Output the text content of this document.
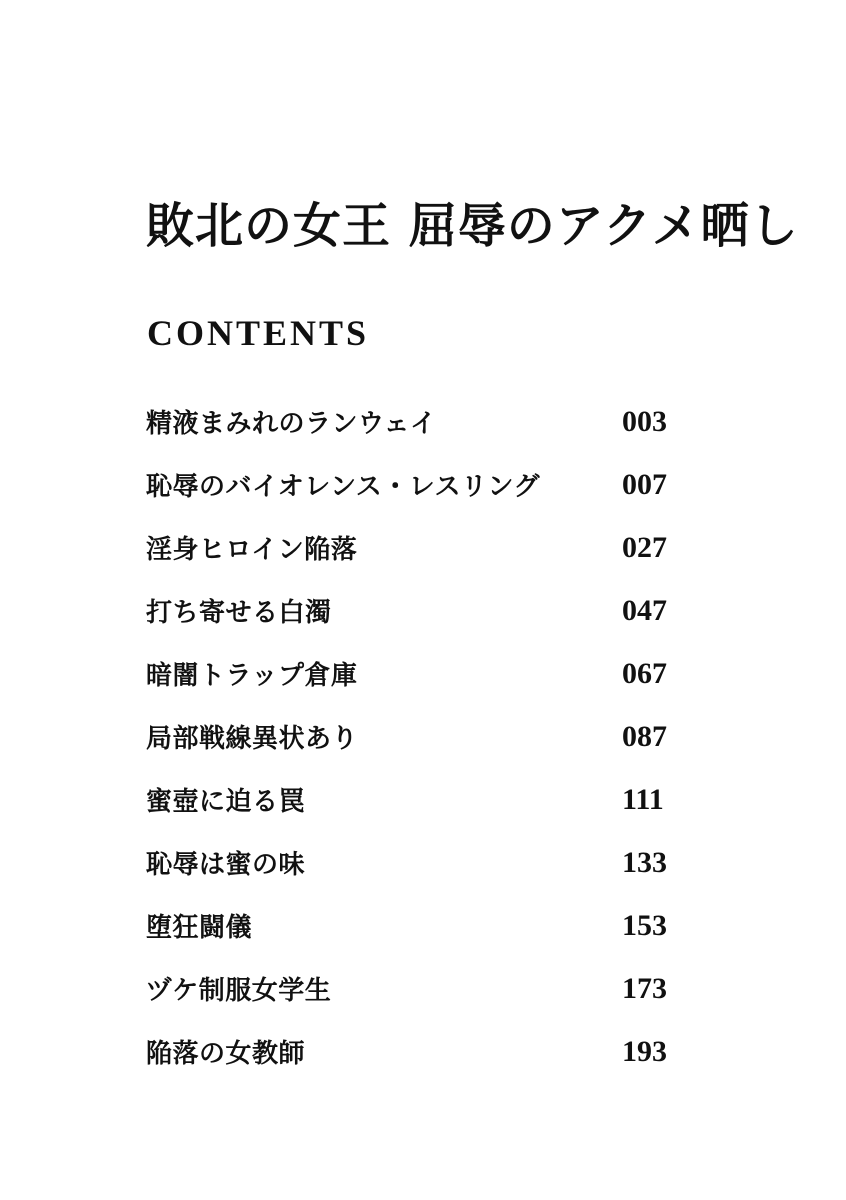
敗北の女王 屈辱のアクメ晒し
CONTENTS
精液まみれのランウェイ	003
恥辱のバイオレンス・レスリング	007
淫身ヒロイン陥落	027
打ち寄せる白濁	047
暗闇トラップ倉庫	067
局部戦線異状あり	087
蜜壺に迫る罠	111
恥辱は蜜の味	133
堕狂闘儀	153
ヅケ制服女学生	173
陥落の女教師	193
